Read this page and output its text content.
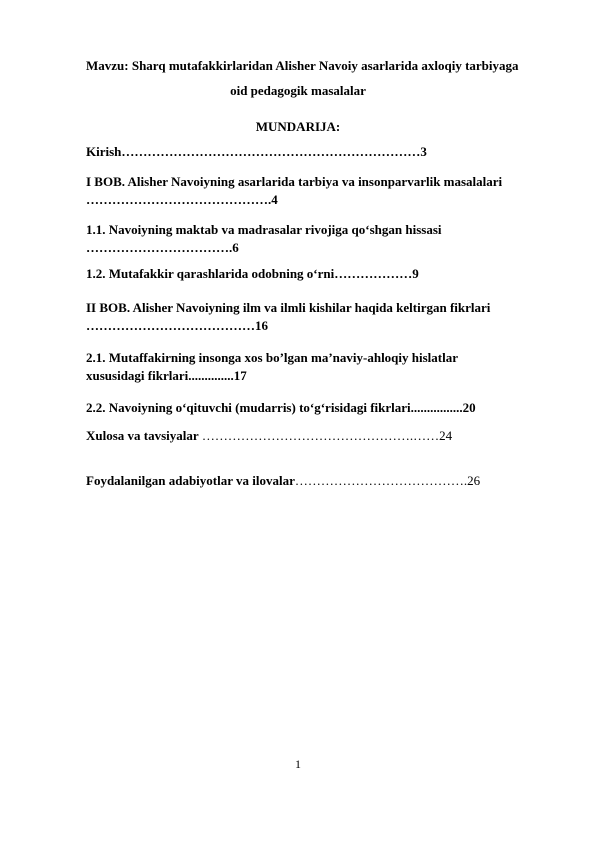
Mavzu: Sharq mutafakkirlaridan Alisher Navoiy asarlarida axloqiy tarbiyaga
oid pedagogik masalalar
MUNDARIJA:
Kirish……………………………………………………………3
I BOB. Alisher Navoiyning asarlarida tarbiya va insonparvarlik masalalari
…………………………………….4
1.1. Navoiyning maktab va madrasalar rivojiga qo‘shgan hissasi
…………………………….6
1.2. Mutafakkir qarashlarida odobning o‘rni………………9
II BOB. Alisher Navoiyning ilm va ilmli kishilar haqida keltirgan fikrlari
…………………………………16
2.1. Mutaffakirning insonga xos bo’lgan ma’naviy-ahloqiy hislatlar
xususidagi fikrlari..............17
2.2. Navoiyning o‘qituvchi (mudarris) to‘g‘risidagi fikrlari................20
Xulosa va tavsiyalar ………………………………………….……24
Foydalanilgan adabiyotlar va ilovalar………………………………….26
1
